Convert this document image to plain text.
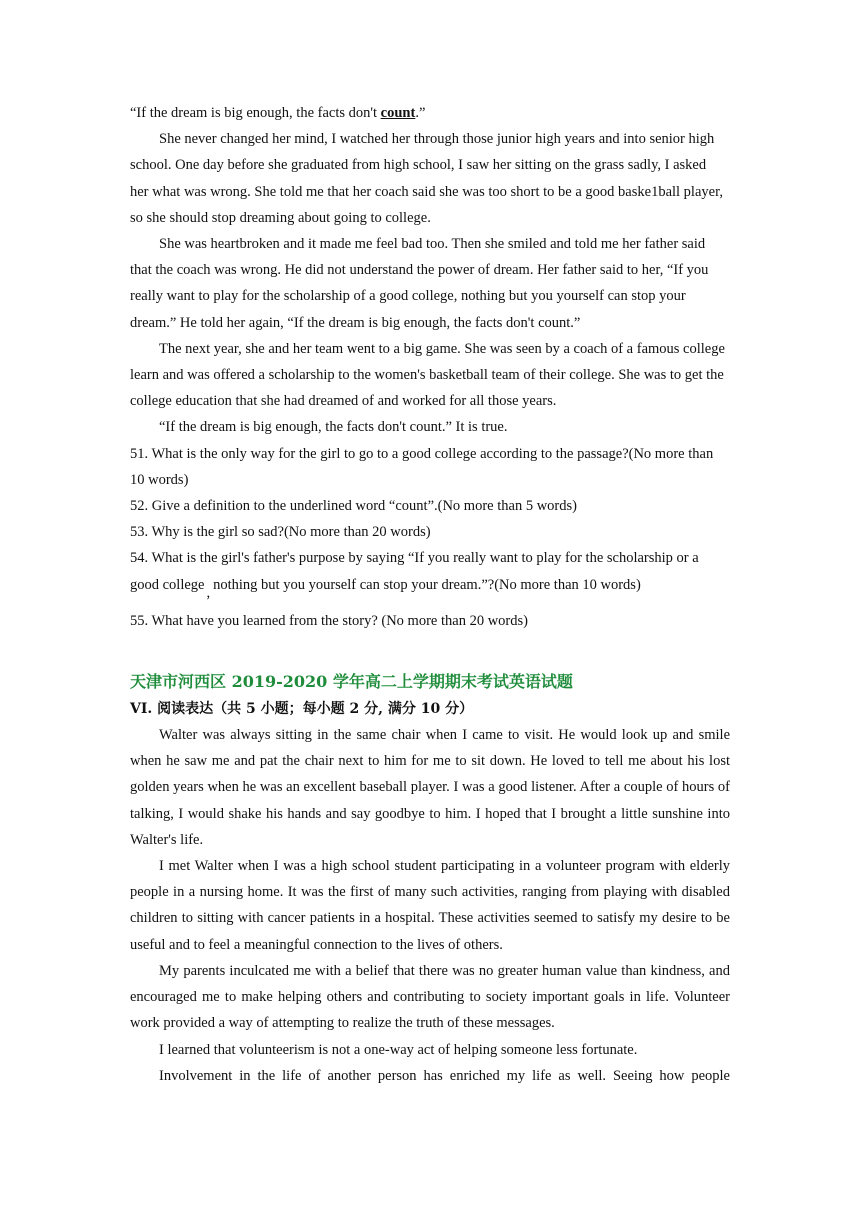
“If the dream is big enough, the facts don't count.”

She never changed her mind, I watched her through those junior high years and into senior high school. One day before she graduated from high school, I saw her sitting on the grass sadly, I asked her what was wrong. She told me that her coach said she was too short to be a good baske1ball player, so she should stop dreaming about going to college.

She was heartbroken and it made me feel bad too. Then she smiled and told me her father said that the coach was wrong. He did not understand the power of dream. Her father said to her, “If you really want to play for the scholarship of a good college, nothing but you yourself can stop your dream.” He told her again, “If the dream is big enough, the facts don't count.”

The next year, she and her team went to a big game. She was seen by a coach of a famous college learn and was offered a scholarship to the women's basketball team of their college. She was to get the college education that she had dreamed of and worked for all those years.

“If the dream is big enough, the facts don't count.” It is true.

51. What is the only way for the girl to go to a good college according to the passage?(No more than 10 words)

52. Give a definition to the underlined word “count”.(No more than 5 words)

53. Why is the girl so sad?(No more than 20 words)

54. What is the girl's father's purpose by saying “If you really want to play for the scholarship or a good college , nothing but you yourself can stop your dream.”?(No more than 10 words)

55. What have you learned from the story? (No more than 20 words)

天津市河西区 2019-2020 学年高二上学期期末考试英语试题

VI. 阅读表达（共 5 小题；每小题 2 分, 满分 10 分）

Walter was always sitting in the same chair when I came to visit. He would look up and smile when he saw me and pat the chair next to him for me to sit down. He loved to tell me about his lost golden years when he was an excellent baseball player. I was a good listener. After a couple of hours of talking, I would shake his hands and say goodbye to him. I hoped that I brought a little sunshine into Walter's life.

I met Walter when I was a high school student participating in a volunteer program with elderly people in a nursing home. It was the first of many such activities, ranging from playing with disabled children to sitting with cancer patients in a hospital. These activities seemed to satisfy my desire to be useful and to feel a meaningful connection to the lives of others.

My parents inculcated me with a belief that there was no greater human value than kindness, and encouraged me to make helping others and contributing to society important goals in life. Volunteer work provided a way of attempting to realize the truth of these messages.

I learned that volunteerism is not a one-way act of helping someone less fortunate.

Involvement in the life of another person has enriched my life as well. Seeing how people
